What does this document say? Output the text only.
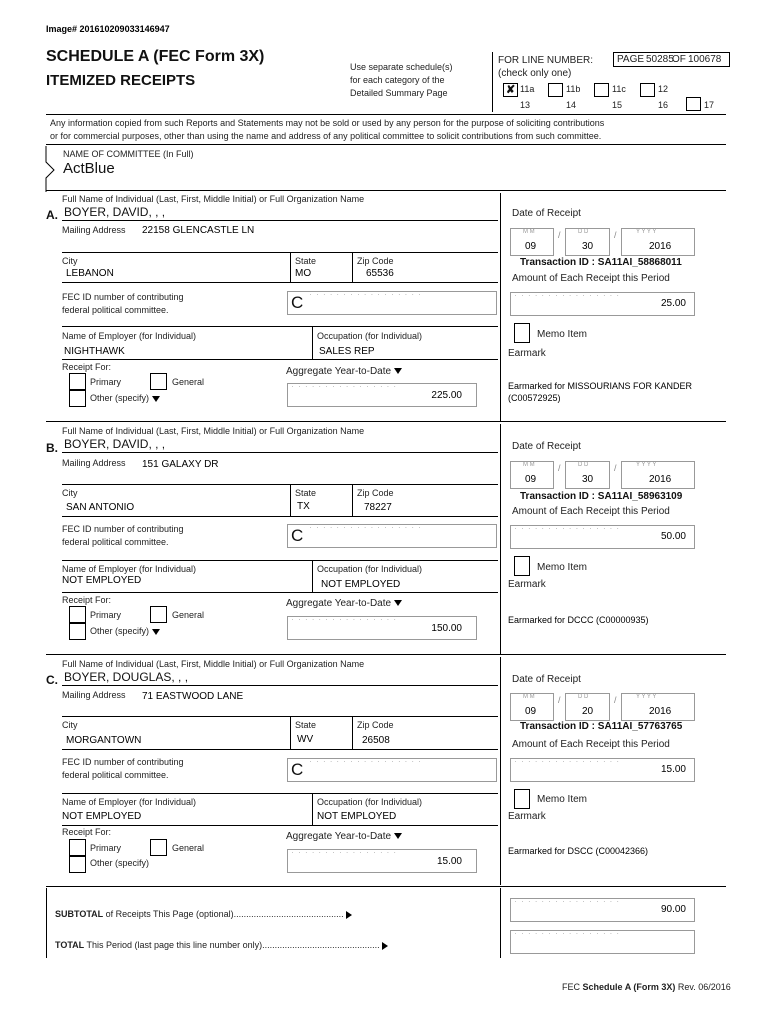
Image# 201610209033146947
SCHEDULE A (FEC Form 3X)
ITEMIZED RECEIPTS
Use separate schedule(s)
for each category of the
Detailed Summary Page
FOR LINE NUMBER:
(check only one)
PAGE 50285
OF 100678
✘ 11a
13
11b
14
11c
15
12
16	17
Any information copied from such Reports and Statements may not be sold or used by any person for the purpose of soliciting contributions
or for commercial purposes, other than using the name and address of any political committee to solicit contributions from such committee.
NAME OF COMMITTEE (In Full)
ActBlue
Full Name of Individual (Last, First, Middle Initial) or Full Organization Name
A. BOYER, DAVID, , ,
Mailing Address 22158 GLENCASTLE LN
City
LEBANON
State
MO
Zip Code
65536
FEC ID number of contributing
federal political committee.	C ' ' ' ' ' ' ' ' ' ' ' ' ' ' ' ' '
Name of Employer (for Individual)
NIGHTHAWK
Occupation (for Individual)
SALES REP
Receipt For:
Primary	General
Other (specify)
Aggregate Year-to-Date
' ' ' ' ' ' ' ' ' ' ' ' ' ' ' '
225.00
Date of Receipt
M M
09
/	D D
30
/	Y Y Y Y
2016
Transaction ID : SA11AI_58868011
Amount of Each Receipt this Period
' ' ' ' ' ' ' ' ' ' ' ' ' ' ' '	25.00
Memo Item
Earmark
Earmarked for MISSOURIANS FOR KANDER
(C00572925)
Full Name of Individual (Last, First, Middle Initial) or Full Organization Name
B. BOYER, DAVID, , ,
Mailing Address 151 GALAXY DR
City
SAN ANTONIO
State
TX
Zip Code
78227
FEC ID number of contributing
federal political committee.	C ' ' ' ' ' ' ' ' ' ' ' ' ' ' ' ' '
Name of Employer (for Individual)
NOT EMPLOYED
Occupation (for Individual)
NOT EMPLOYED
Receipt For:
Primary	General
Other (specify)
Aggregate Year-to-Date
' ' ' ' ' ' ' ' ' ' ' ' ' ' ' '
150.00
Date of Receipt
M M
09
/	D D
30
/	Y Y Y Y
2016
Transaction ID : SA11AI_58963109
Amount of Each Receipt this Period
' ' ' ' ' ' ' ' ' ' ' ' ' ' ' '	50.00
Memo Item
Earmark
Earmarked for DCCC (C00000935)
Full Name of Individual (Last, First, Middle Initial) or Full Organization Name
C. BOYER, DOUGLAS, , ,
Mailing Address 71 EASTWOOD LANE
City
MORGANTOWN
State
WV
Zip Code
26508
FEC ID number of contributing
federal political committee.	C ' ' ' ' ' ' ' ' ' ' ' ' ' ' ' ' '
Name of Employer (for Individual)
NOT EMPLOYED
Occupation (for Individual)
NOT EMPLOYED
Receipt For:
Primary	General
Other (specify)
Aggregate Year-to-Date
' ' ' ' ' ' ' ' ' ' ' ' ' ' ' '
15.00
Date of Receipt
M M
09
/	D D
20
/	Y Y Y Y
2016
Transaction ID : SA11AI_57763765
Amount of Each Receipt this Period
' ' ' ' ' ' ' ' ' ' ' ' ' ' ' '	15.00
Memo Item
Earmark
Earmarked for DSCC (C00042366)
SUBTOTAL of Receipts This Page (optional)............................................
' ' ' ' ' ' ' ' ' ' ' ' ' ' ' '	90.00
TOTAL This Period (last page this line number only)...............................................
' ' ' ' ' ' ' ' ' ' ' ' ' ' ' '
FEC Schedule A (Form 3X) Rev. 06/2016
